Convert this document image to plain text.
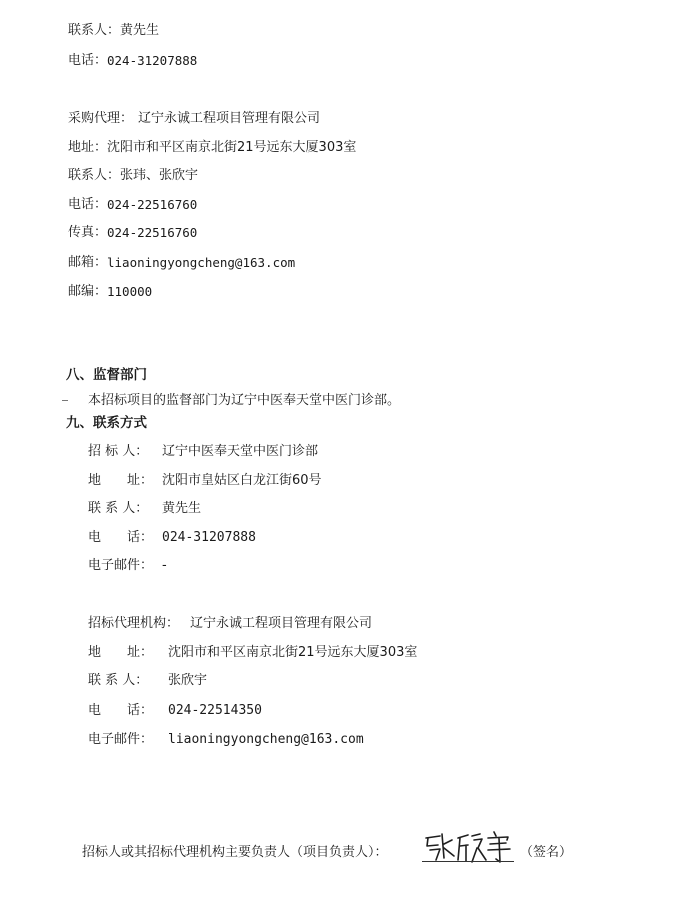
联系人：黄先生
电话： 024-31207888
采购代理： 辽宁永诚工程项目管理有限公司
地址：沈阳市和平区南京北街21号远东大厦303室
联系人：张玮、张欣宇
电话： 024-22516760
传真： 024-22516760
邮箱： liaoningyongcheng@163.com
邮编： 110000
八、监督部门
本招标项目的监督部门为辽宁中医奉天堂中医门诊部。
九、联系方式
招 标 人： 辽宁中医奉天堂中医门诊部
地　　址： 沈阳市皇姑区白龙江街60号
联 系 人： 黄先生
电　　话： 024-31207888
电子邮件： -
招标代理机构： 辽宁永诚工程项目管理有限公司
地　　址： 沈阳市和平区南京北街21号远东大厦303室
联 系 人： 张欣宇
电　　话： 024-22514350
电子邮件： liaoningyongcheng@163.com
招标人或其招标代理机构主要负责人（项目负责人）：	（签名）
